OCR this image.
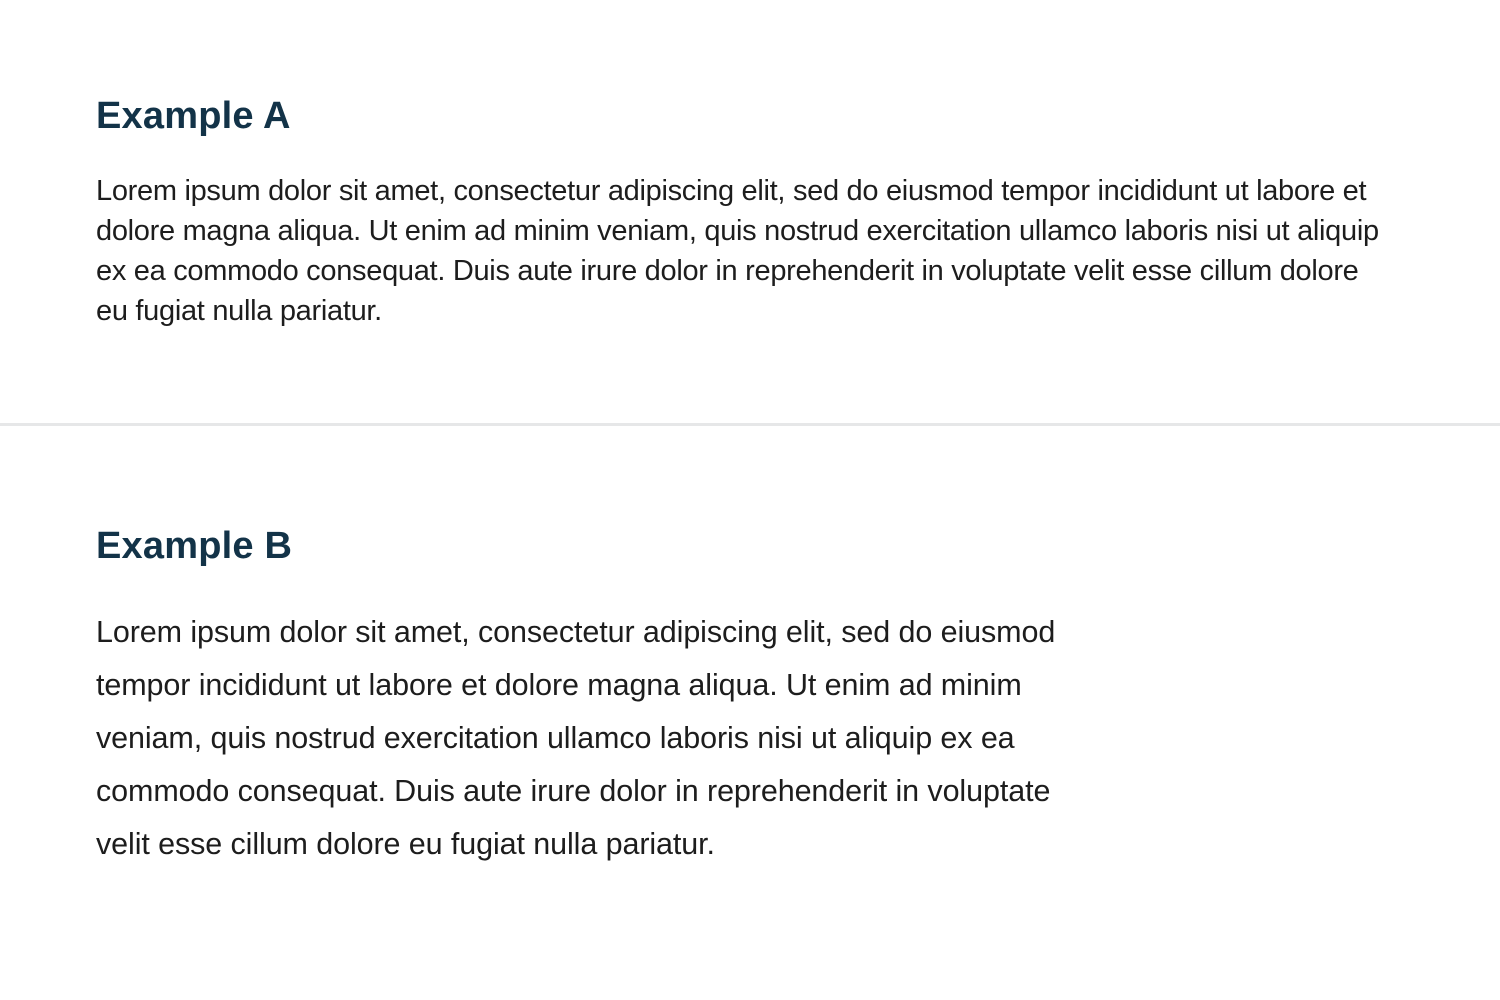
Example A

Lorem ipsum dolor sit amet, consectetur adipiscing elit, sed do eiusmod tempor incididunt ut labore et dolore magna aliqua. Ut enim ad minim veniam, quis nostrud exercitation ullamco laboris nisi ut aliquip ex ea commodo consequat. Duis aute irure dolor in reprehenderit in voluptate velit esse cillum dolore eu fugiat nulla pariatur.

Example B

Lorem ipsum dolor sit amet, consectetur adipiscing elit, sed do eiusmod tempor incididunt ut labore et dolore magna aliqua. Ut enim ad minim veniam, quis nostrud exercitation ullamco laboris nisi ut aliquip ex ea commodo consequat. Duis aute irure dolor in reprehenderit in voluptate velit esse cillum dolore eu fugiat nulla pariatur.
